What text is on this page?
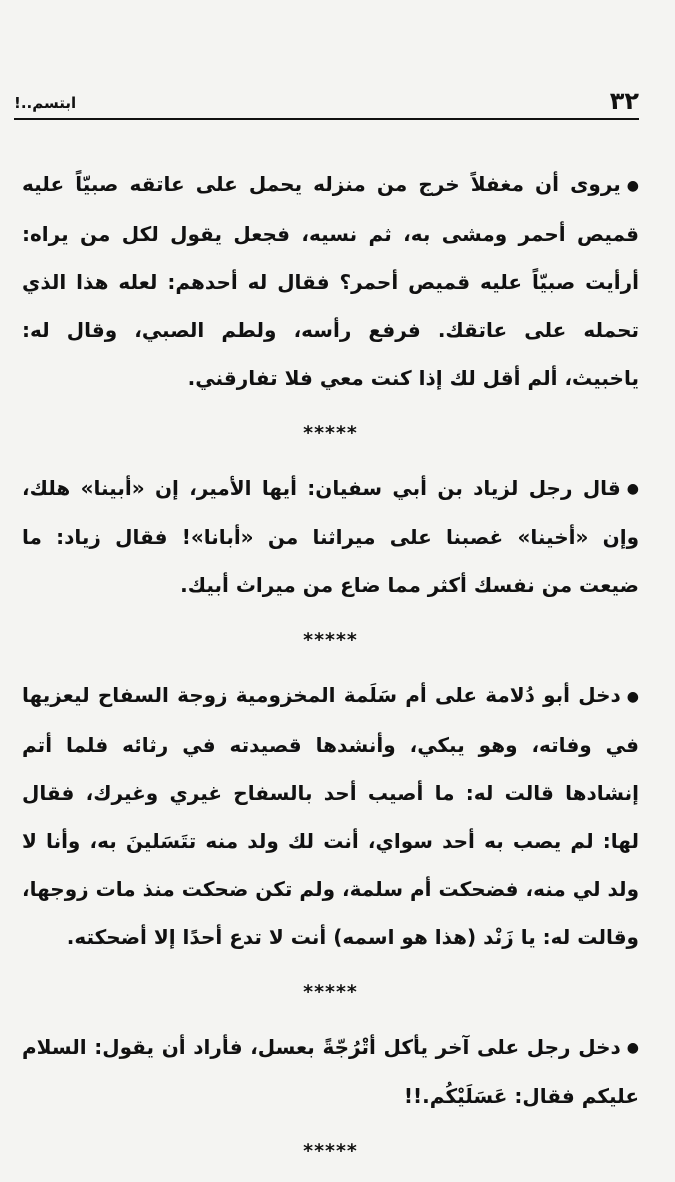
٣٢
ابتسم..!

●يروى أن مغفلاً خرج من منزله يحمل على عاتقه صبيّاً عليه قميص أحمر ومشى به، ثم نسيه، فجعل يقول لكل من يراه: أرأيت صبيّاً عليه قميص أحمر؟ فقال له أحدهم: لعله هذا الذي تحمله على عاتقك. فرفع رأسه، ولطم الصبي، وقال له: ياخبيث، ألم أقل لك إذا كنت معي فلا تفارقني.

*****

●قال رجل لزياد بن أبي سفيان: أيها الأمير، إن «أبينا» هلك، وإن «أخينا» غصبنا على ميراثنا من «أبانا»! فقال زياد: ما ضيعت من نفسك أكثر مما ضاع من ميراث أبيك.

*****

●دخل أبو دُلامة على أم سَلَمة المخزومية زوجة السفاح ليعزيها في وفاته، وهو يبكي، وأنشدها قصيدته في رثائه فلما أتم إنشادها قالت له: ما أصيب أحد بالسفاح غيري وغيرك، فقال لها: لم يصب به أحد سواي، أنت لك ولد منه تتَسَلينَ به، وأنا لا ولد لي منه، فضحكت أم سلمة، ولم تكن ضحكت منذ مات زوجها، وقالت له: يا زَنْد (هذا هو اسمه) أنت لا تدع أحدًا إلا أضحكته.

*****

●دخل رجل على آخر يأكل أتْرُجّةً بعسل، فأراد أن يقول: السلام عليكم فقال: عَسَلَيْكُم.!!

*****
